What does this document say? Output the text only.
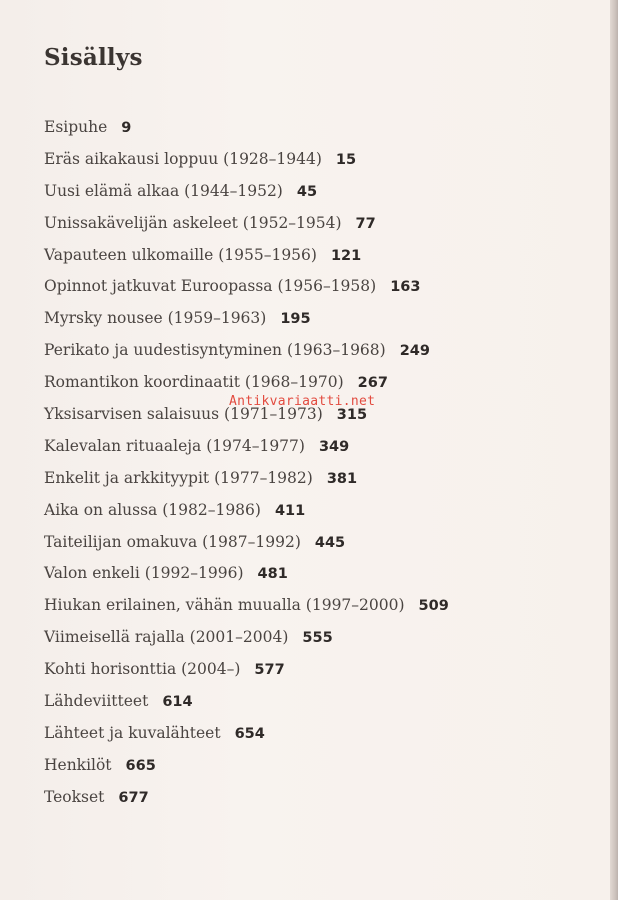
Sisällys
Esipuhe 9
Eräs aikakausi loppuu (1928–1944) 15
Uusi elämä alkaa (1944–1952) 45
Unissakävelijän askeleet (1952–1954) 77
Vapauteen ulkomaille (1955–1956) 121
Opinnot jatkuvat Euroopassa (1956–1958) 163
Myrsky nousee (1959–1963) 195
Perikato ja uudestisyntyminen (1963–1968) 249
Romantikon koordinaatit (1968–1970) 267
Yksisarvisen salaisuus (1971–1973) 315
Kalevalan rituaaleja (1974–1977) 349
Enkelit ja arkkityypit (1977–1982) 381
Aika on alussa (1982–1986) 411
Taiteilijan omakuva (1987–1992) 445
Valon enkeli (1992–1996) 481
Hiukan erilainen, vähän muualla (1997–2000) 509
Viimeisellä rajalla (2001–2004) 555
Kohti horisonttia (2004–) 577
Lähdeviitteet 614
Lähteet ja kuvalähteet 654
Henkilöt 665
Teokset 677
Antikvariaatti.net
